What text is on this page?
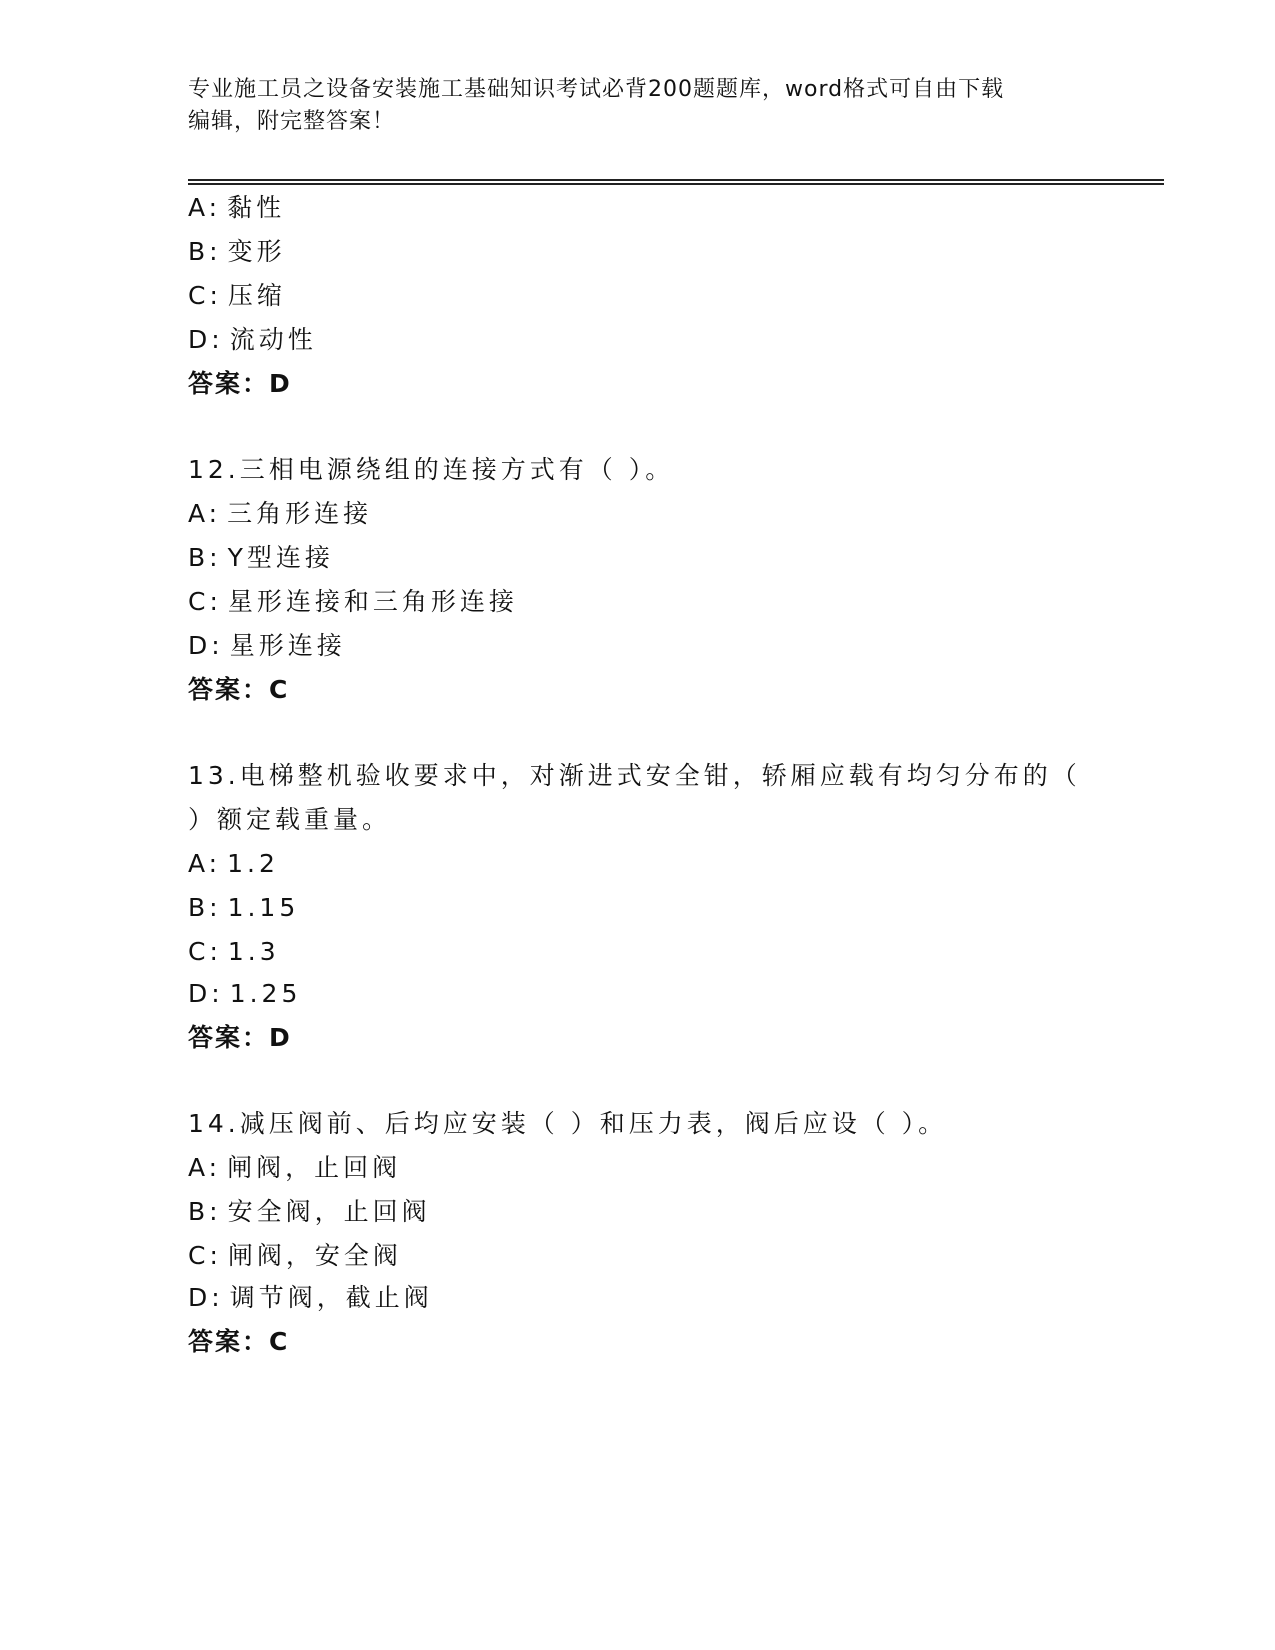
专业施工员之设备安装施工基础知识考试必背200题题库，word格式可自由下载
编辑，附完整答案！
A: 黏性
B: 变形
C: 压缩
D: 流动性
答案：D
12.三相电源绕组的连接方式有（ ）。
A: 三角形连接
B: Y型连接
C: 星形连接和三角形连接
D: 星形连接
答案：C
13.电梯整机验收要求中，对渐进式安全钳，轿厢应载有均匀分布的（
）额定载重量。
A: 1.2
B: 1.15
C: 1.3
D: 1.25
答案：D
14.减压阀前、后均应安装（ ）和压力表，阀后应设（ ）。
A: 闸阀，止回阀
B: 安全阀，止回阀
C: 闸阀，安全阀
D: 调节阀，截止阀
答案：C
